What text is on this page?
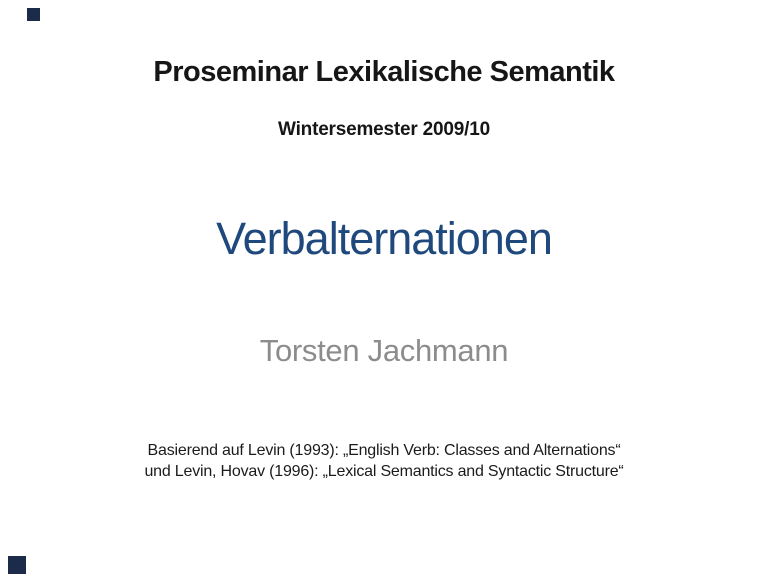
Proseminar Lexikalische Semantik
Wintersemester 2009/10
Verbalternationen
Torsten Jachmann
Basierend auf Levin (1993): „English Verb: Classes and Alternations“
und Levin, Hovav (1996): „Lexical Semantics and Syntactic Structure“
